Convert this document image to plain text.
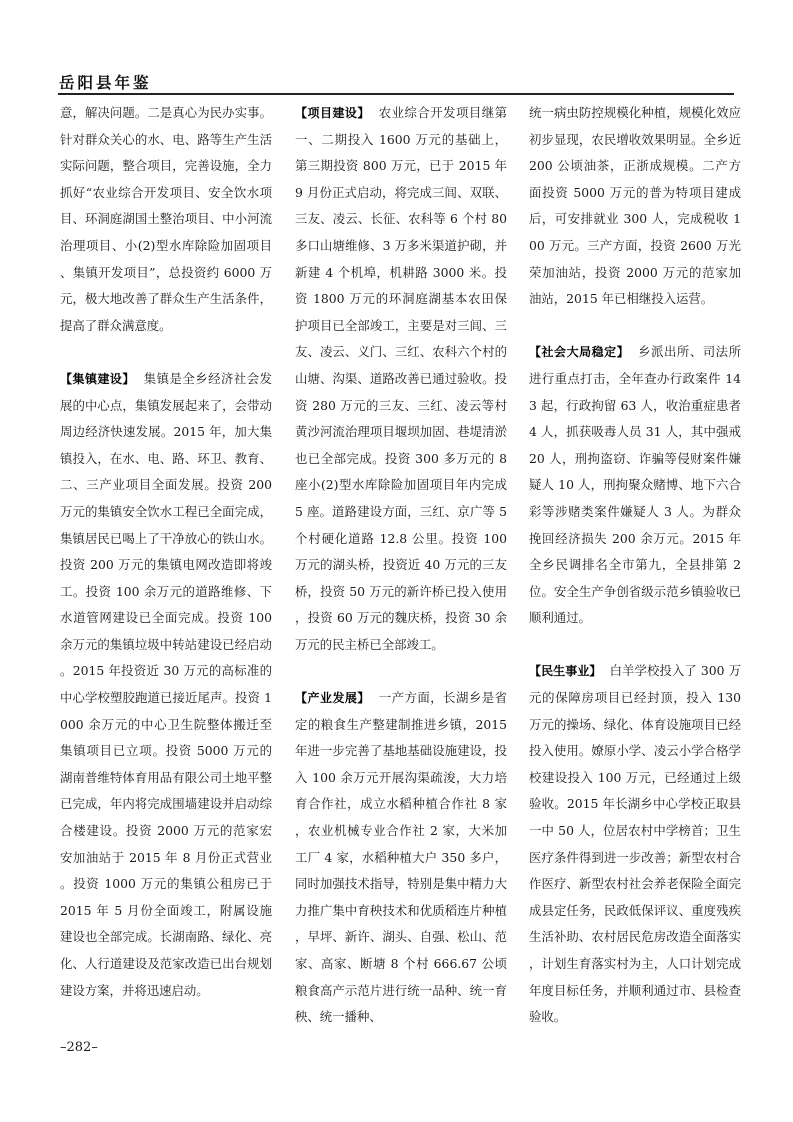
岳阳县年鉴

意，解决问题。二是真心为民办实事。针对群众关心的水、电、路等生产生活实际问题，整合项目，完善设施，全力抓好“农业综合开发项目、安全饮水项目、环洞庭湖国土整治项目、中小河流治理项目、小(2)型水库除险加固项目、集镇开发项目”，总投资约 6000 万元，极大地改善了群众生产生活条件，提高了群众满意度。

【集镇建设】 集镇是全乡经济社会发展的中心点，集镇发展起来了，会带动周边经济快速发展。2015 年，加大集镇投入，在水、电、路、环卫、教育、二、三产业项目全面发展。投资 200 万元的集镇安全饮水工程已全面完成，集镇居民已喝上了干净放心的铁山水。投资 200 万元的集镇电网改造即将竣工。投资 100 余万元的道路维修、下水道管网建设已全面完成。投资 100 余万元的集镇垃圾中转站建设已经启动。2015 年投资近 30 万元的高标准的中心学校塑胶跑道已接近尾声。投资 1000 余万元的中心卫生院整体搬迁至集镇项目已立项。投资 5000 万元的湖南普维特体育用品有限公司土地平整已完成，年内将完成围墙建设并启动综合楼建设。投资 2000 万元的范家宏安加油站于 2015 年 8 月份正式营业。投资 1000 万元的集镇公租房已于 2015 年 5 月份全面竣工，附属设施建设也全部完成。长湖南路、绿化、亮化、人行道建设及范家改造已出台规划建设方案，并将迅速启动。

【项目建设】 农业综合开发项目继第一、二期投入 1600 万元的基础上，第三期投资 800 万元，已于 2015 年 9 月份正式启动，将完成三闾、双联、三友、凌云、长征、农科等 6 个村 80 多口山塘维修、3 万多米渠道护砌，并新建 4 个机埠，机耕路 3000 米。投资 1800 万元的环洞庭湖基本农田保护项目已全部竣工，主要是对三闾、三友、凌云、义门、三红、农科六个村的山塘、沟渠、道路改善已通过验收。投资 280 万元的三友、三红、凌云等村黄沙河流治理项目堰坝加固、巷堤清淤也已全部完成。投资 300 多万元的 8 座小(2)型水库除险加固项目年内完成 5 座。道路建设方面，三红、京广等 5 个村硬化道路 12.8 公里。投资 100 万元的湖头桥，投资近 40 万元的三友桥，投资 50 万元的新许桥已投入使用，投资 60 万元的魏庆桥，投资 30 余万元的民主桥已全部竣工。

【产业发展】 一产方面，长湖乡是省定的粮食生产整建制推进乡镇，2015 年进一步完善了基地基础设施建设，投入 100 余万元开展沟渠疏浚，大力培育合作社，成立水稻种植合作社 8 家，农业机械专业合作社 2 家，大米加工厂 4 家，水稻种植大户 350 多户，同时加强技术指导，特别是集中精力大力推广集中育秧技术和优质稻连片种植，早坪、新许、湖头、自强、松山、范家、高家、断塘 8 个村 666.67 公顷粮食高产示范片进行统一品种、统一育秧、统一播种、

统一病虫防控规模化种植，规模化效应初步显现，农民增收效果明显。全乡近 200 公顷油茶，正浙成规模。二产方面投资 5000 万元的普为特项目建成后，可安排就业 300 人，完成税收 100 万元。三产方面，投资 2600 万光荣加油站，投资 2000 万元的范家加油站，2015 年已相继投入运营。

【社会大局稳定】 乡派出所、司法所进行重点打击，全年查办行政案件 143 起，行政拘留 63 人，收治重症患者 4 人，抓获吸毒人员 31 人，其中强戒 20 人，刑拘盗窃、诈骗等侵财案件嫌疑人 10 人，刑拘聚众赌博、地下六合彩等涉赌类案件嫌疑人 3 人。为群众挽回经济损失 200 余万元。2015 年全乡民调排名全市第九，全县排第 2 位。安全生产争创省级示范乡镇验收已顺利通过。

【民生事业】 白羊学校投入了 300 万元的保障房项目已经封顶，投入 130 万元的操场、绿化、体育设施项目已经投入使用。嫽原小学、凌云小学合格学校建设投入 100 万元，已经通过上级验收。2015 年长湖乡中心学校正取县一中 50 人，位居农村中学榜首；卫生医疗条件得到进一步改善；新型农村合作医疗、新型农村社会养老保险全面完成县定任务，民政低保评议、重度残疾生活补助、农村居民危房改造全面落实，计划生育落实村为主，人口计划完成年度目标任务，并顺利通过市、县检查验收。

–282–
